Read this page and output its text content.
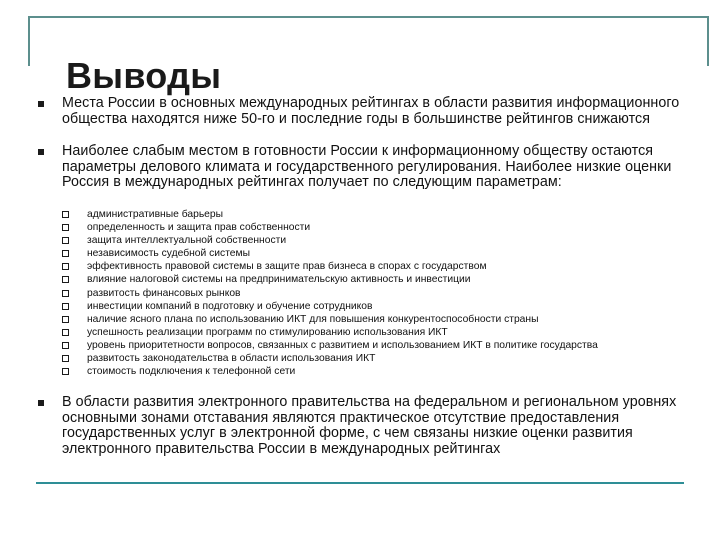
Выводы
Места России в основных международных рейтингах в области развития информационного общества находятся ниже 50-го и последние годы в большинстве рейтингов снижаются
Наиболее слабым местом в готовности России к информационному обществу остаются параметры делового климата и государственного регулирования. Наиболее низкие оценки Россия в международных рейтингах получает по следующим параметрам:
административные барьеры
определенность и защита прав собственности
защита интеллектуальной собственности
независимость судебной системы
эффективность правовой системы в защите прав бизнеса в спорах с государством
влияние налоговой системы на предпринимательскую активность и инвестиции
развитость финансовых рынков
инвестиции компаний в подготовку и обучение сотрудников
наличие ясного плана по использованию ИКТ для повышения конкурентоспособности страны
успешность реализации программ по стимулированию использования ИКТ
уровень приоритетности вопросов, связанных с развитием и использованием ИКТ в политике государства
развитость законодательства в области использования ИКТ
стоимость подключения к телефонной сети
В области развития электронного правительства на федеральном и региональном уровнях основными зонами отставания являются практическое отсутствие предоставления государственных услуг в электронной форме, с чем связаны низкие оценки развития электронного правительства России в международных рейтингах
